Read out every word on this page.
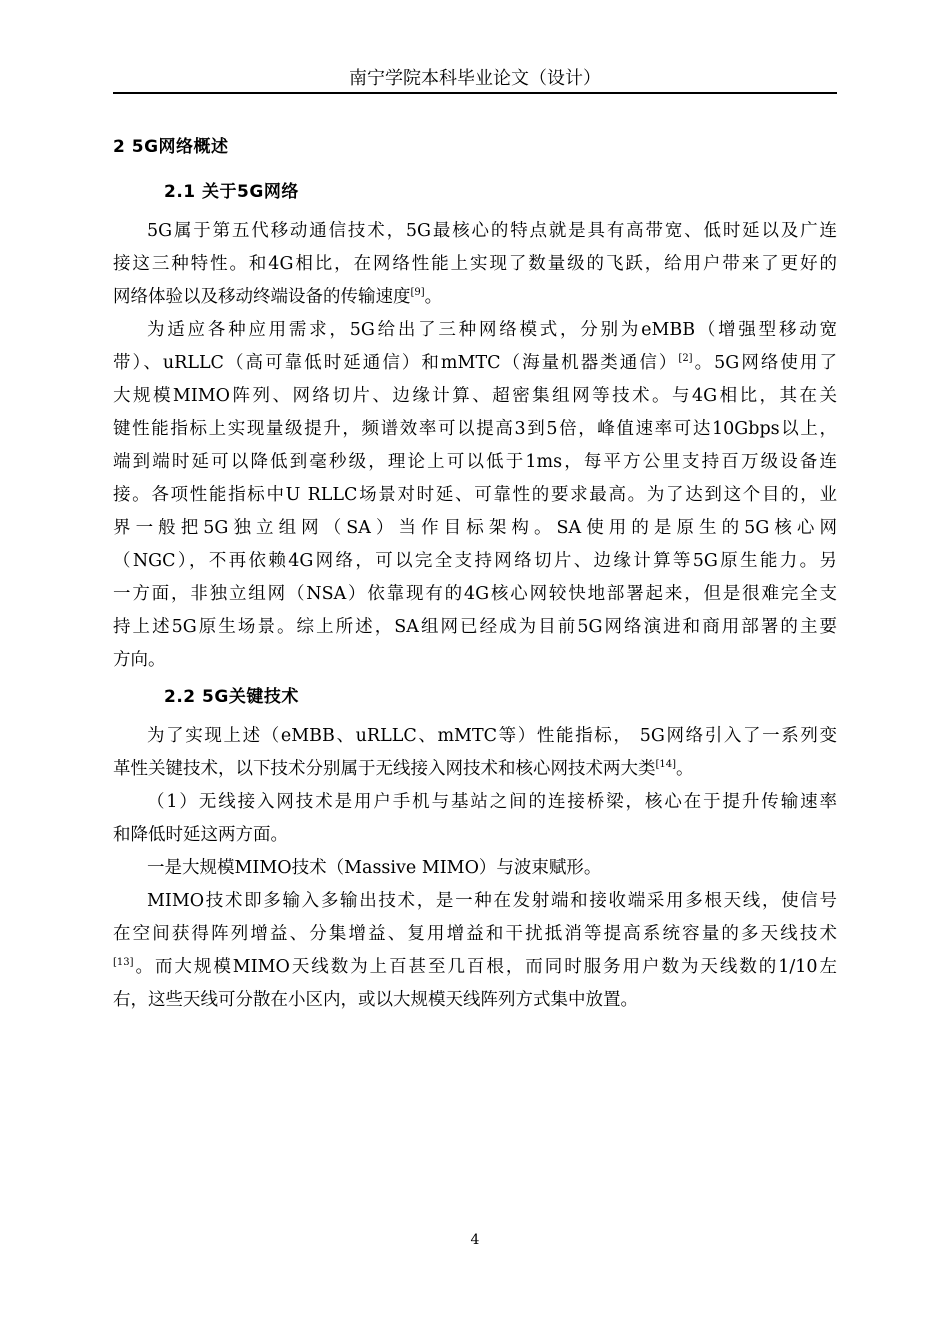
南宁学院本科毕业论文（设计）
2 5G网络概述
2.1 关于5G网络
5G属于第五代移动通信技术，5G最核心的特点就是具有高带宽、低时延以及广连
接这三种特性。和4G相比，在网络性能上实现了数量级的飞跃，给用户带来了更好的
网络体验以及移动终端设备的传输速度[9]。
为适应各种应用需求，5G给出了三种网络模式，分别为eMBB（增强型移动宽
带）、uRLLC（高可靠低时延通信）和mMTC（海量机器类通信）[2]。5G网络使用了
大规模MIMO阵列、网络切片、边缘计算、超密集组网等技术。与4G相比，其在关
键性能指标上实现量级提升，频谱效率可以提高3到5倍，峰值速率可达10Gbps以上，
端到端时延可以降低到毫秒级，理论上可以低于1ms，每平方公里支持百万级设备连
接。各项性能指标中U RLLC场景对时延、可靠性的要求最高。为了达到这个目的，业
界一般把5G独立组网（SA）当作目标架构。SA使用的是原生的5G核心网
（NGC），不再依赖4G网络，可以完全支持网络切片、边缘计算等5G原生能力。另
一方面，非独立组网（NSA）依靠现有的4G核心网较快地部署起来，但是很难完全支
持上述5G原生场景。综上所述，SA组网已经成为目前5G网络演进和商用部署的主要
方向。
2.2 5G关键技术
为了实现上述（eMBB、uRLLC、mMTC等）性能指标， 5G网络引入了一系列变
革性关键技术，以下技术分别属于无线接入网技术和核心网技术两大类[14]。
（1）无线接入网技术是用户手机与基站之间的连接桥梁，核心在于提升传输速率
和降低时延这两方面。
一是大规模MIMO技术（Massive MIMO）与波束赋形。
MIMO技术即多输入多输出技术，是一种在发射端和接收端采用多根天线，使信号
在空间获得阵列增益、分集增益、复用增益和干扰抵消等提高系统容量的多天线技术
[13]。而大规模MIMO天线数为上百甚至几百根，而同时服务用户数为天线数的1/10左
右，这些天线可分散在小区内，或以大规模天线阵列方式集中放置。
4
